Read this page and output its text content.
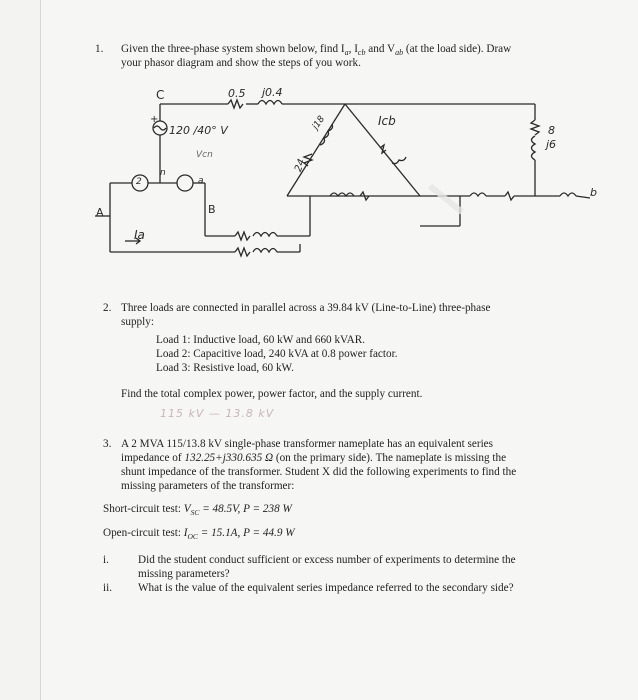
1. Given the three-phase system shown below, find $I_a$, $I_{cb}$ and $V_{ab}$ (at the load side). Draw
your phasor diagram and show the steps of you work.
C
A	B
b
n
a
120 /40° V
Vcn
0.5 j0.4
24
j18	Icb
8
j6
Ia
+
2
2. Three loads are connected in parallel across a 39.84 kV (Line-to-Line) three-phase
supply:
Load 1: Inductive load, 60 kW and 660 kVAR.
Load 2: Capacitive load, 240 kVA at 0.8 power factor.
Load 3: Resistive load, 60 kW.
Find the total complex power, power factor, and the supply current.
115 kV — 13.8 kV
3. A 2 MVA 115/13.8 kV single-phase transformer nameplate has an equivalent series
impedance of 132.25+j330.635 Ω (on the primary side). The nameplate is missing the
shunt impedance of the transformer. Student X did the following experiments to find the
missing parameters of the transformer:
Short-circuit test: $V_{SC} = 48.5V$, P = 238 W
Open-circuit test: $I_{OC} = 15.1A$, P = 44.9 W
i.	Did the student conduct sufficient or excess number of experiments to determine the
missing parameters?
ii. What is the value of the equivalent series impedance referred to the secondary side?
